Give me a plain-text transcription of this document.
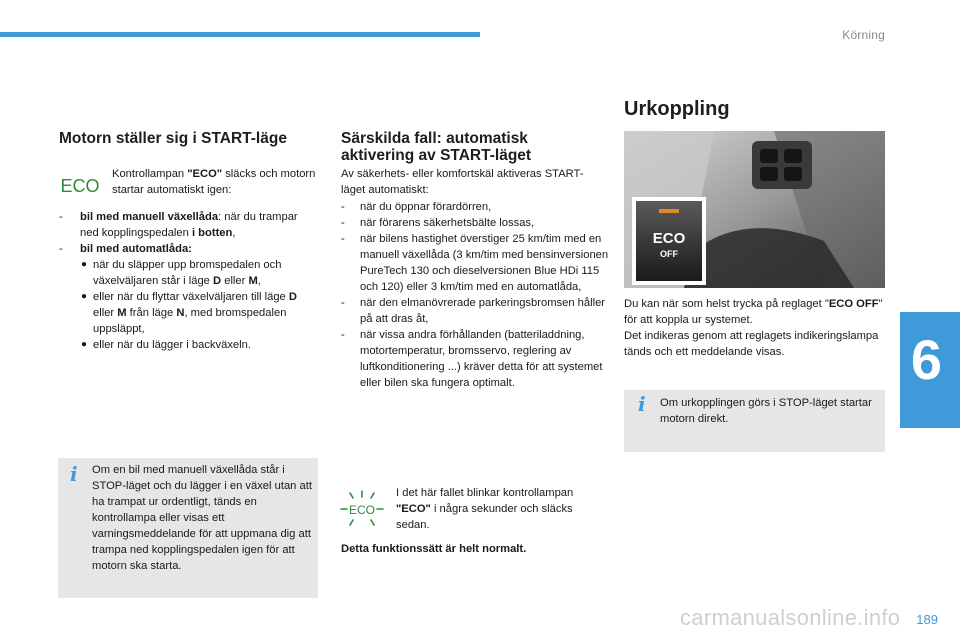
Körning
6
Motorn ställer sig i START-läge
ECO
Kontrollampan "ECO" släcks och motorn startar automatiskt igen:
- bil med manuell växellåda: när du trampar ned kopplingspedalen i botten,
- bil med automatlåda:
● när du släpper upp bromspedalen och växelväljaren står i läge D eller M,
● eller när du flyttar växelväljaren till läge D eller M från läge N, med bromspedalen uppsläppt,
● eller när du lägger i backväxeln.
i Om en bil med manuell växellåda står i STOP-läget och du lägger i en växel utan att ha trampat ur ordentligt, tänds en kontrollampa eller visas ett varningsmeddelande för att uppmana dig att trampa ned kopplingspedalen igen för att motorn ska starta.
Särskilda fall: automatisk aktivering av START-läget
Av säkerhets- eller komfortskäl aktiveras START-läget automatiskt:
- när du öppnar förardörren,
- när förarens säkerhetsbälte lossas,
- när bilens hastighet överstiger 25 km/tim med en manuell växellåda (3 km/tim med bensinversionen PureTech 130 och dieselversionen Blue HDi 115 och 120) eller 3 km/tim med en automatlåda,
- när den elmanövrerade parkeringsbromsen håller på att dras åt,
- när vissa andra förhållanden (batteriladdning, motortemperatur, bromsservo, reglering av luftkonditionering ...) kräver detta för att systemet eller bilen ska fungera optimalt.
ECO
I det här fallet blinkar kontrollampan "ECO" i några sekunder och släcks sedan.
Detta funktionssätt är helt normalt.
Urkoppling
ECO
OFF

Du kan när som helst trycka på reglaget "ECO OFF" för att koppla ur systemet.

Det indikeras genom att reglagets indikeringslampa tänds och ett meddelande visas.

i Om urkopplingen görs i STOP-läget startar motorn direkt.
carmanualsonline.info 189
